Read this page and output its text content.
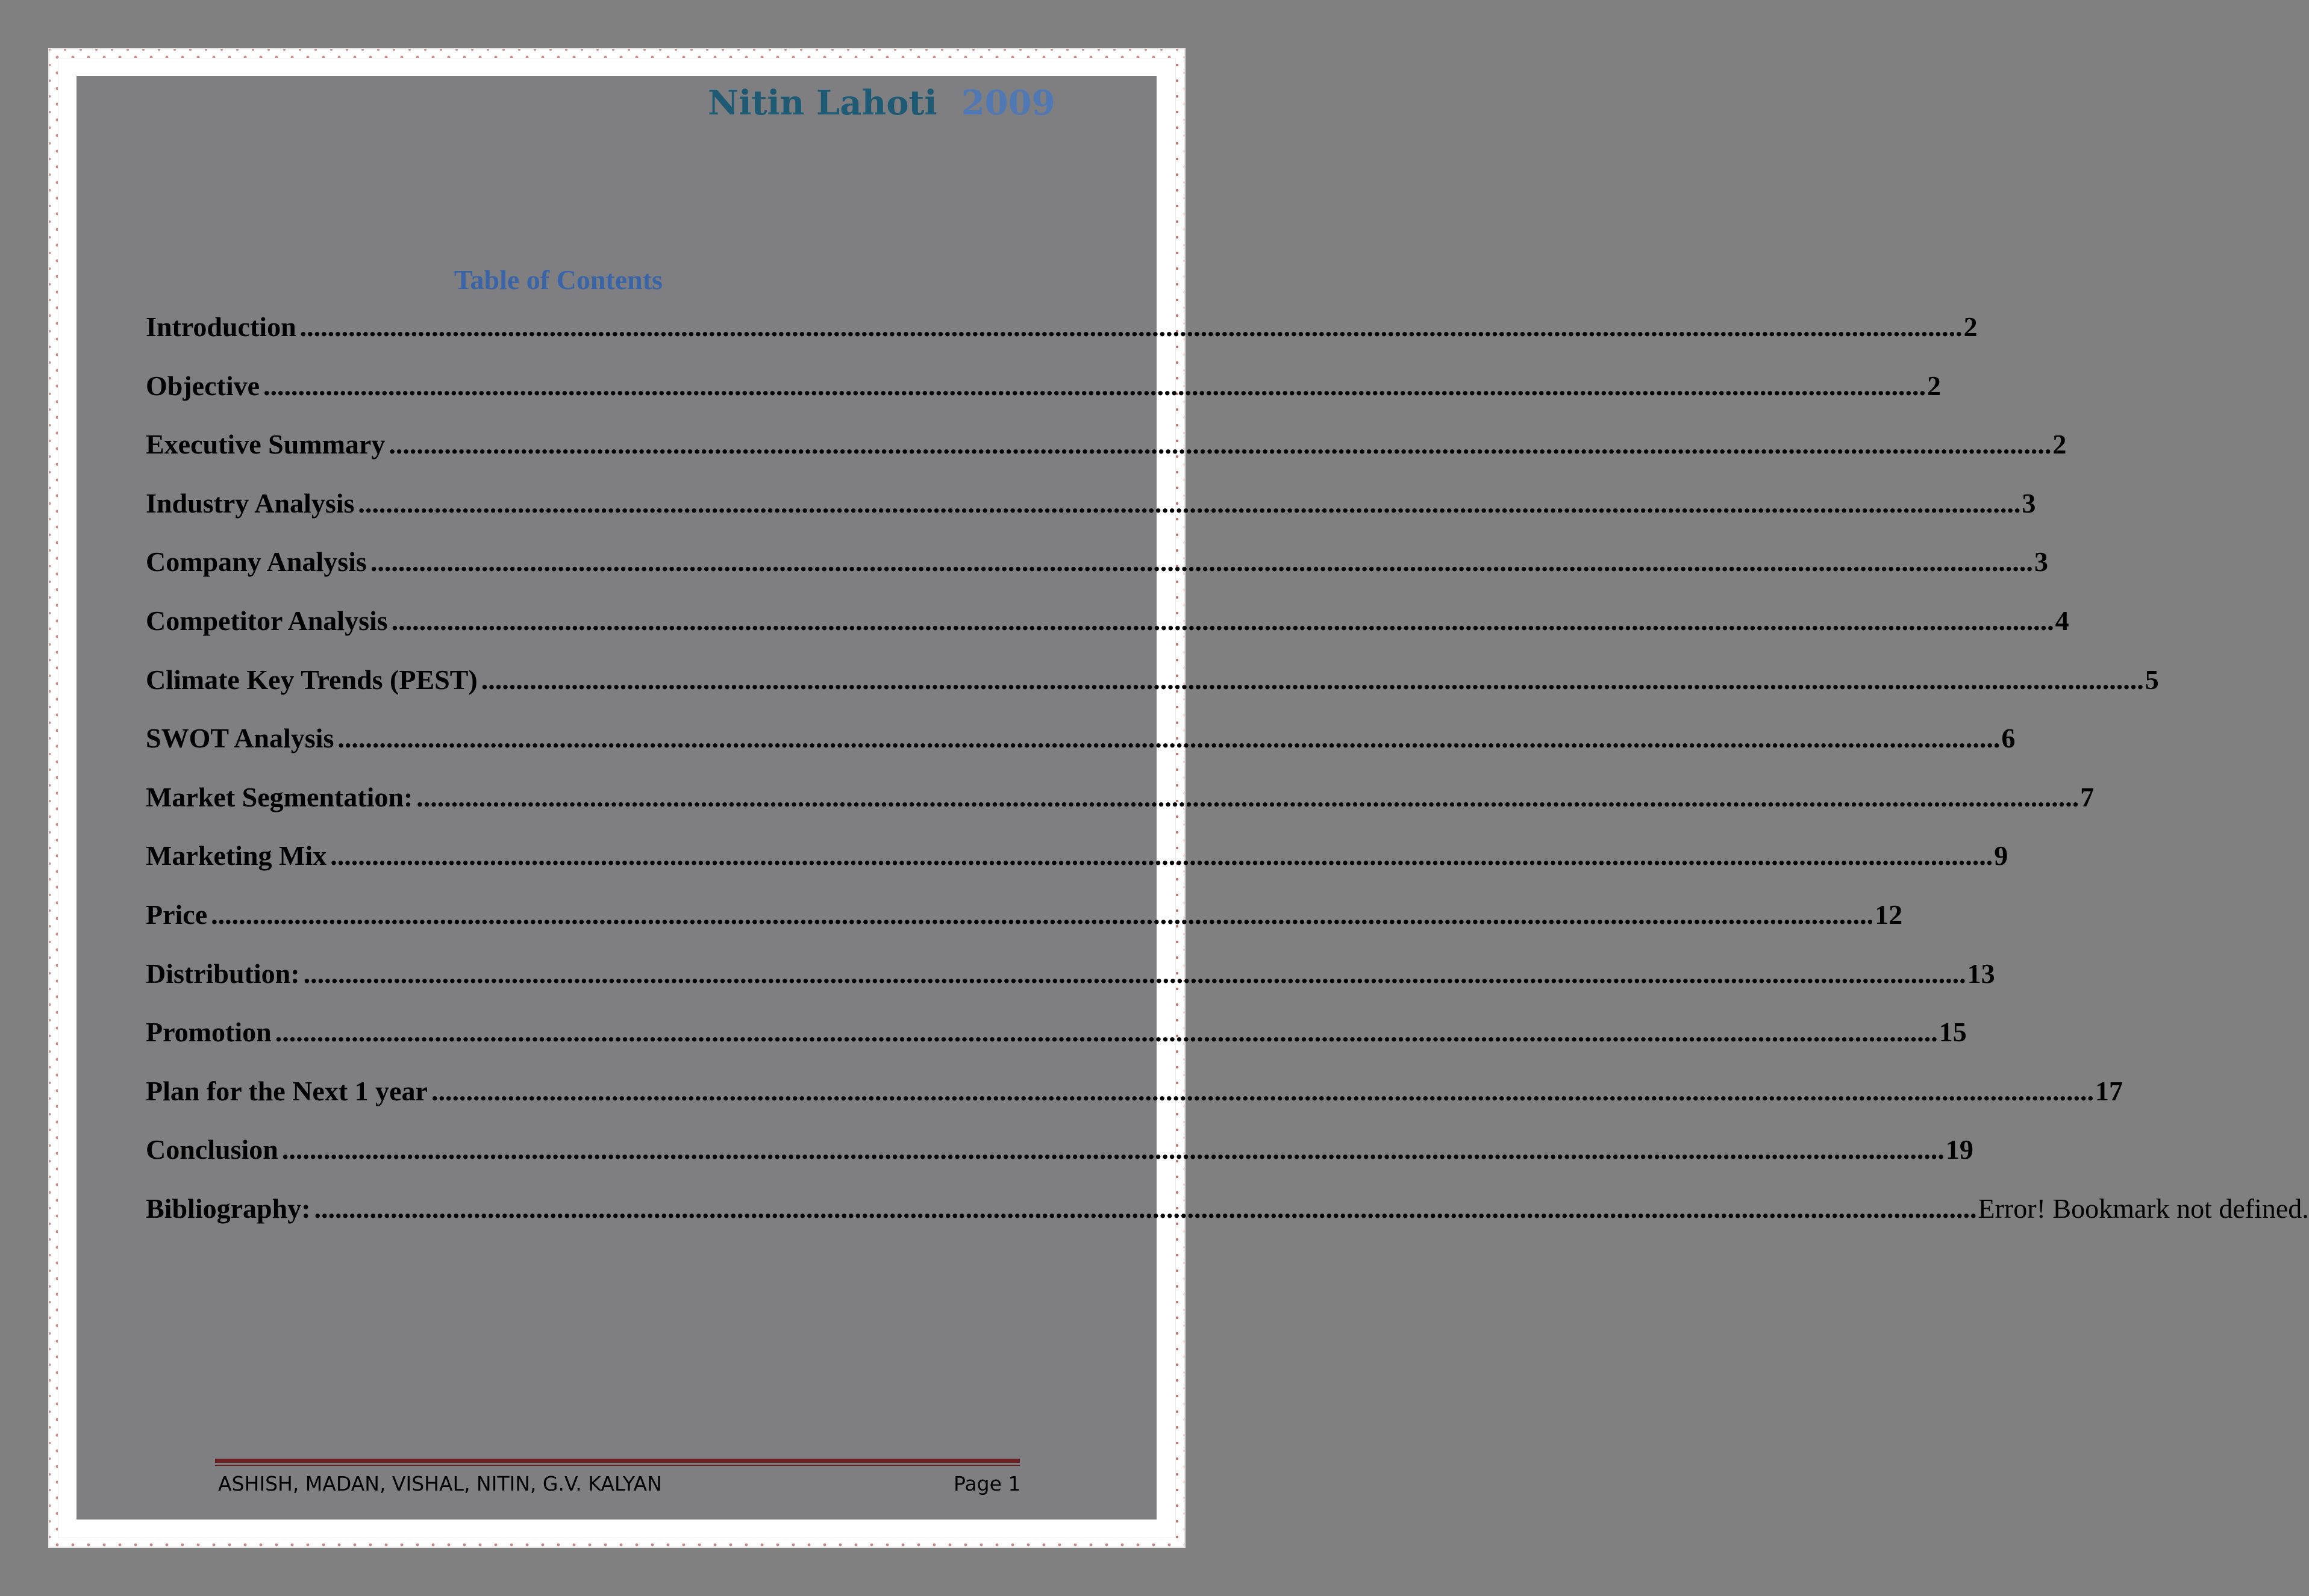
Nitin Lahoti 2009
Table of Contents
Introduction .....	2
Objective .....	2
Executive Summary .....	2
Industry Analysis .....	3
Company Analysis .....	3
Competitor Analysis .....	4
Climate Key Trends (PEST) .....	5
SWOT Analysis .....	6
Market Segmentation: .....	7
Marketing Mix .....	9
Price .....	12
Distribution: .....	13
Promotion .....	15
Plan for the Next 1 year .....	17
Conclusion .....	19
Bibliography: .....	Error! Bookmark not defined.
ASHISH, MADAN, VISHAL, NITIN, G.V. KALYAN	Page 1
